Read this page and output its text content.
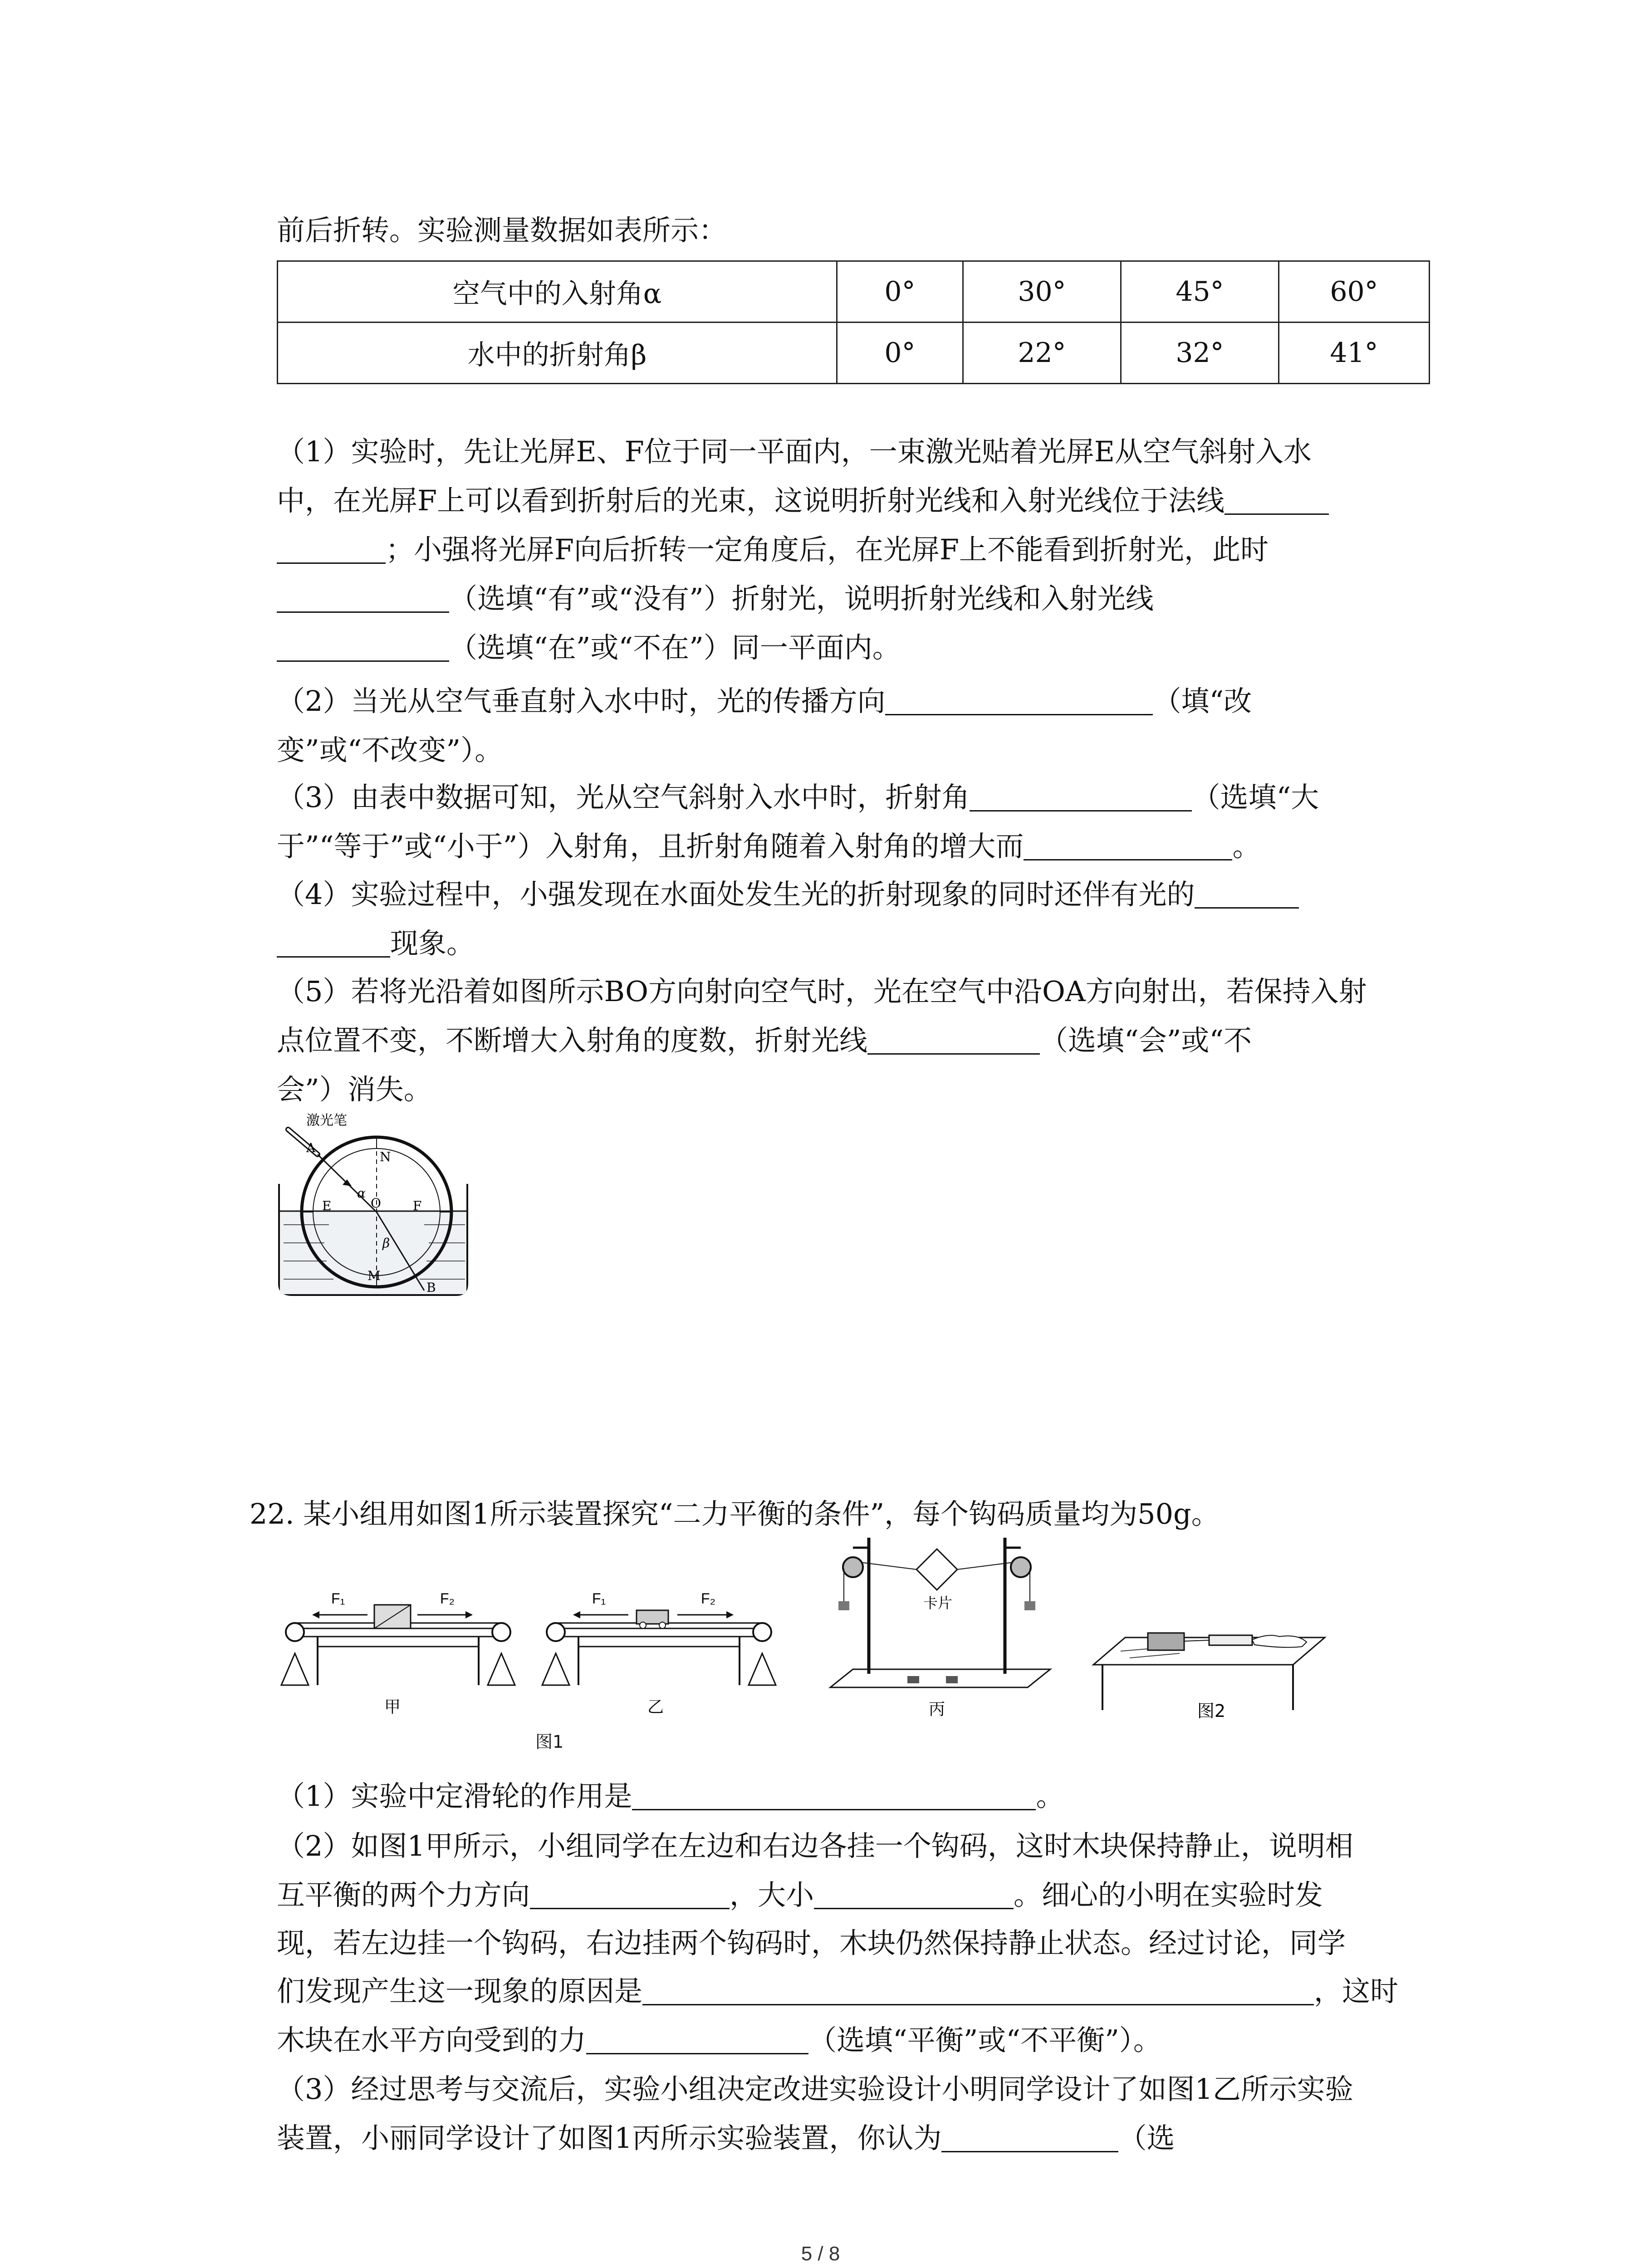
前后折转。实验测量数据如表所示：
空气中的入射角α	0°	30°	45°	60°
水中的折射角β	0°	22°	32°	41°
（1）实验时，先让光屏E、F位于同一平面内，一束激光贴着光屏E从空气斜射入水
中，在光屏F上可以看到折射后的光束，这说明折射光线和入射光线位于法线
；小强将光屏F向后折转一定角度后，在光屏F上不能看到折射光，此时
（选填“有”或“没有”）折射光，说明折射光线和入射光线
（选填“在”或“不在”）同一平面内。
（2）当光从空气垂直射入水中时，光的传播方向	（填“改
变”或“不改变”）。
（3）由表中数据可知，光从空气斜射入水中时，折射角	（选填“大
于”“等于”或“小于”）入射角，且折射角随着入射角的增大而	。
（4）实验过程中，小强发现在水面处发生光的折射现象的同时还伴有光的
现象。
（5）若将光沿着如图所示BO方向射向空气时，光在空气中沿OA方向射出，若保持入射
点位置不变，不断增大入射角的度数，折射光线	（选填“会”或“不
会”）消失。
激光笔
A
N
α
O
E	F
β
M
B
22. 某小组用如图1所示装置探究“二力平衡的条件”，每个钩码质量均为50g。
F₁	F₂
甲
F₁	F₂
乙
卡片
丙
图1
图2
（1）实验中定滑轮的作用是	。
（2）如图1甲所示，小组同学在左边和右边各挂一个钩码，这时木块保持静止，说明相
互平衡的两个力方向	，大小	。细心的小明在实验时发
现，若左边挂一个钩码，右边挂两个钩码时，木块仍然保持静止状态。经过讨论，同学
们发现产生这一现象的原因是	，这时
木块在水平方向受到的力	（选填“平衡”或“不平衡”）。
（3）经过思考与交流后，实验小组决定改进实验设计小明同学设计了如图1乙所示实验
装置，小丽同学设计了如图1丙所示实验装置，你认为	（选
5 / 8
